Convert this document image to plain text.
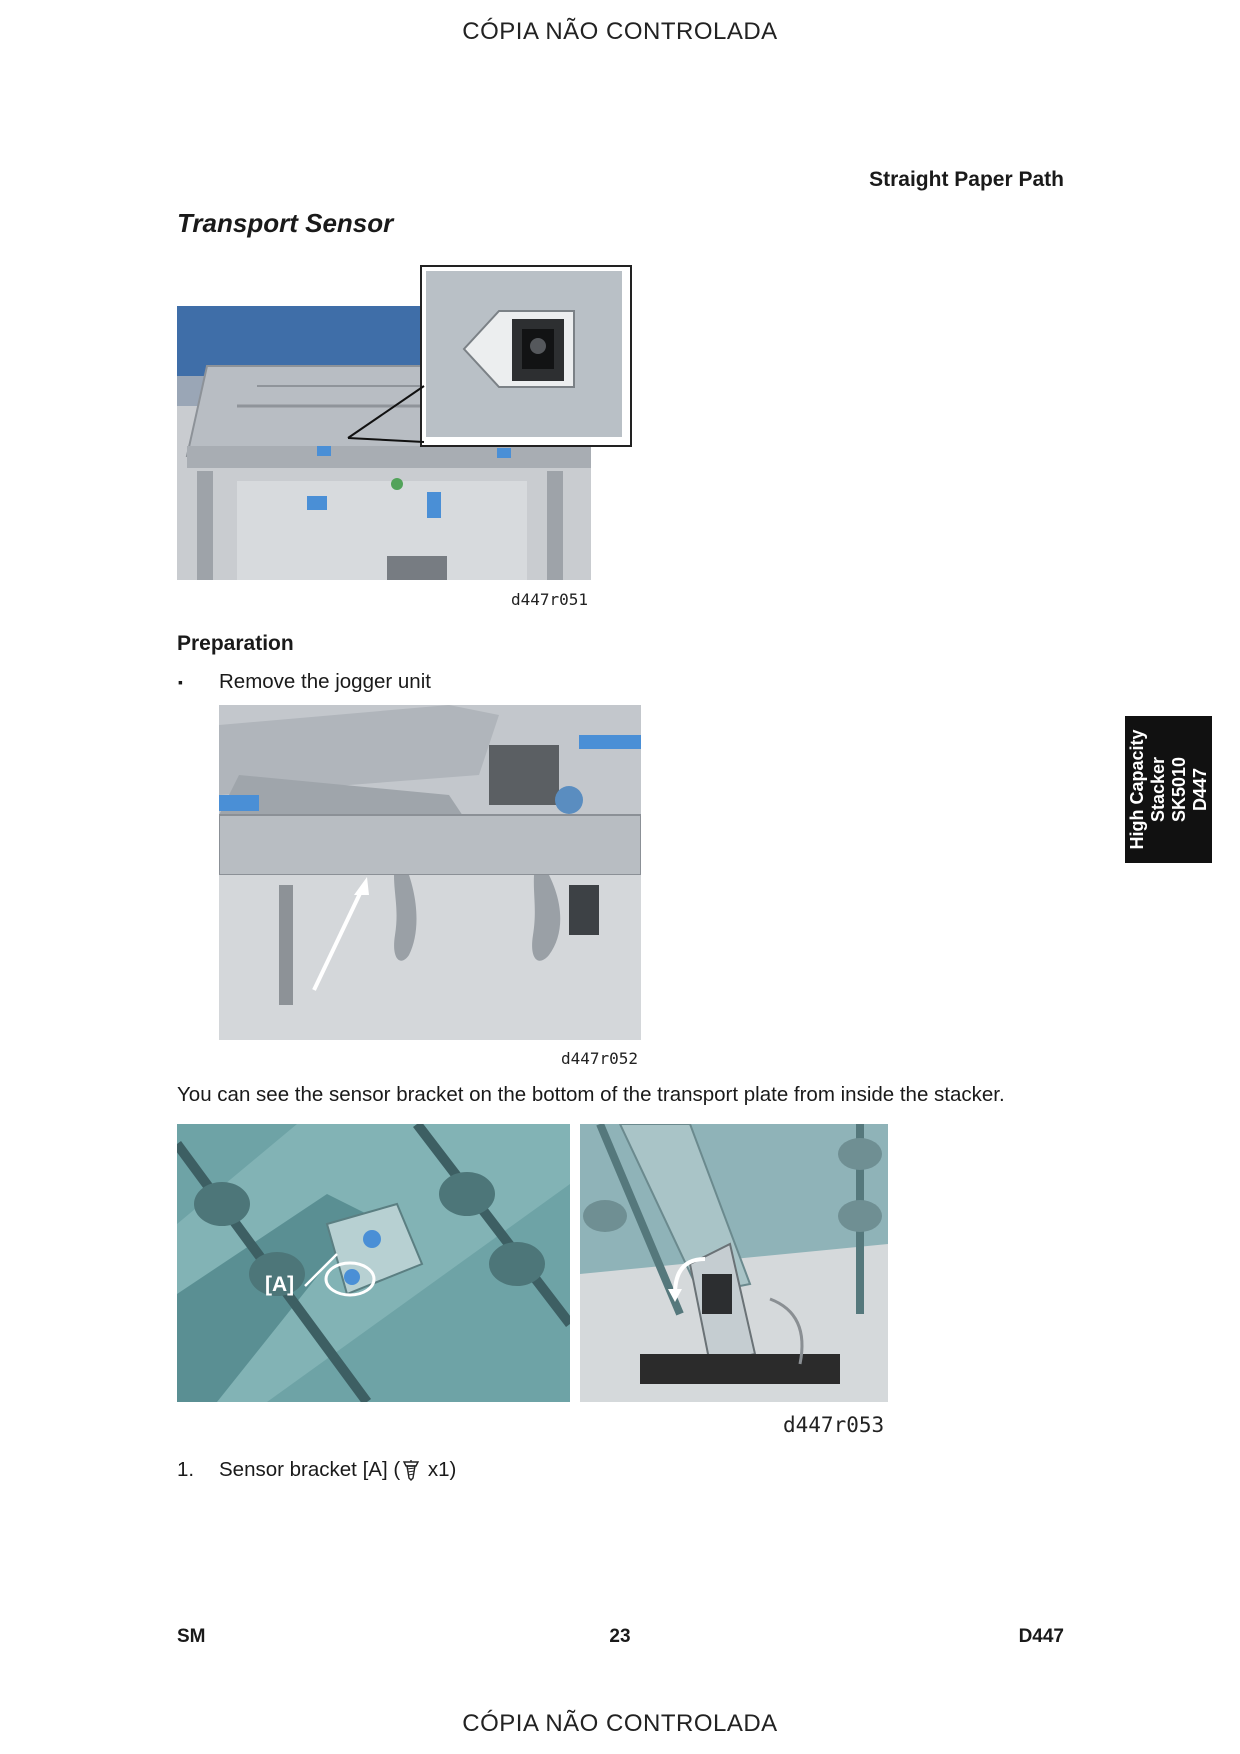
CÓPIA NÃO CONTROLADA
Straight Paper Path
Transport Sensor
d447r051
Preparation
▪ Remove the jogger unit
d447r052
You can see the sensor bracket on the bottom of the transport plate from inside the stacker.
[A]
d447r053
1. Sensor bracket [A] ( x1)
High Capacity Stacker SK5010 D447
SM	23	D447
CÓPIA NÃO CONTROLADA
